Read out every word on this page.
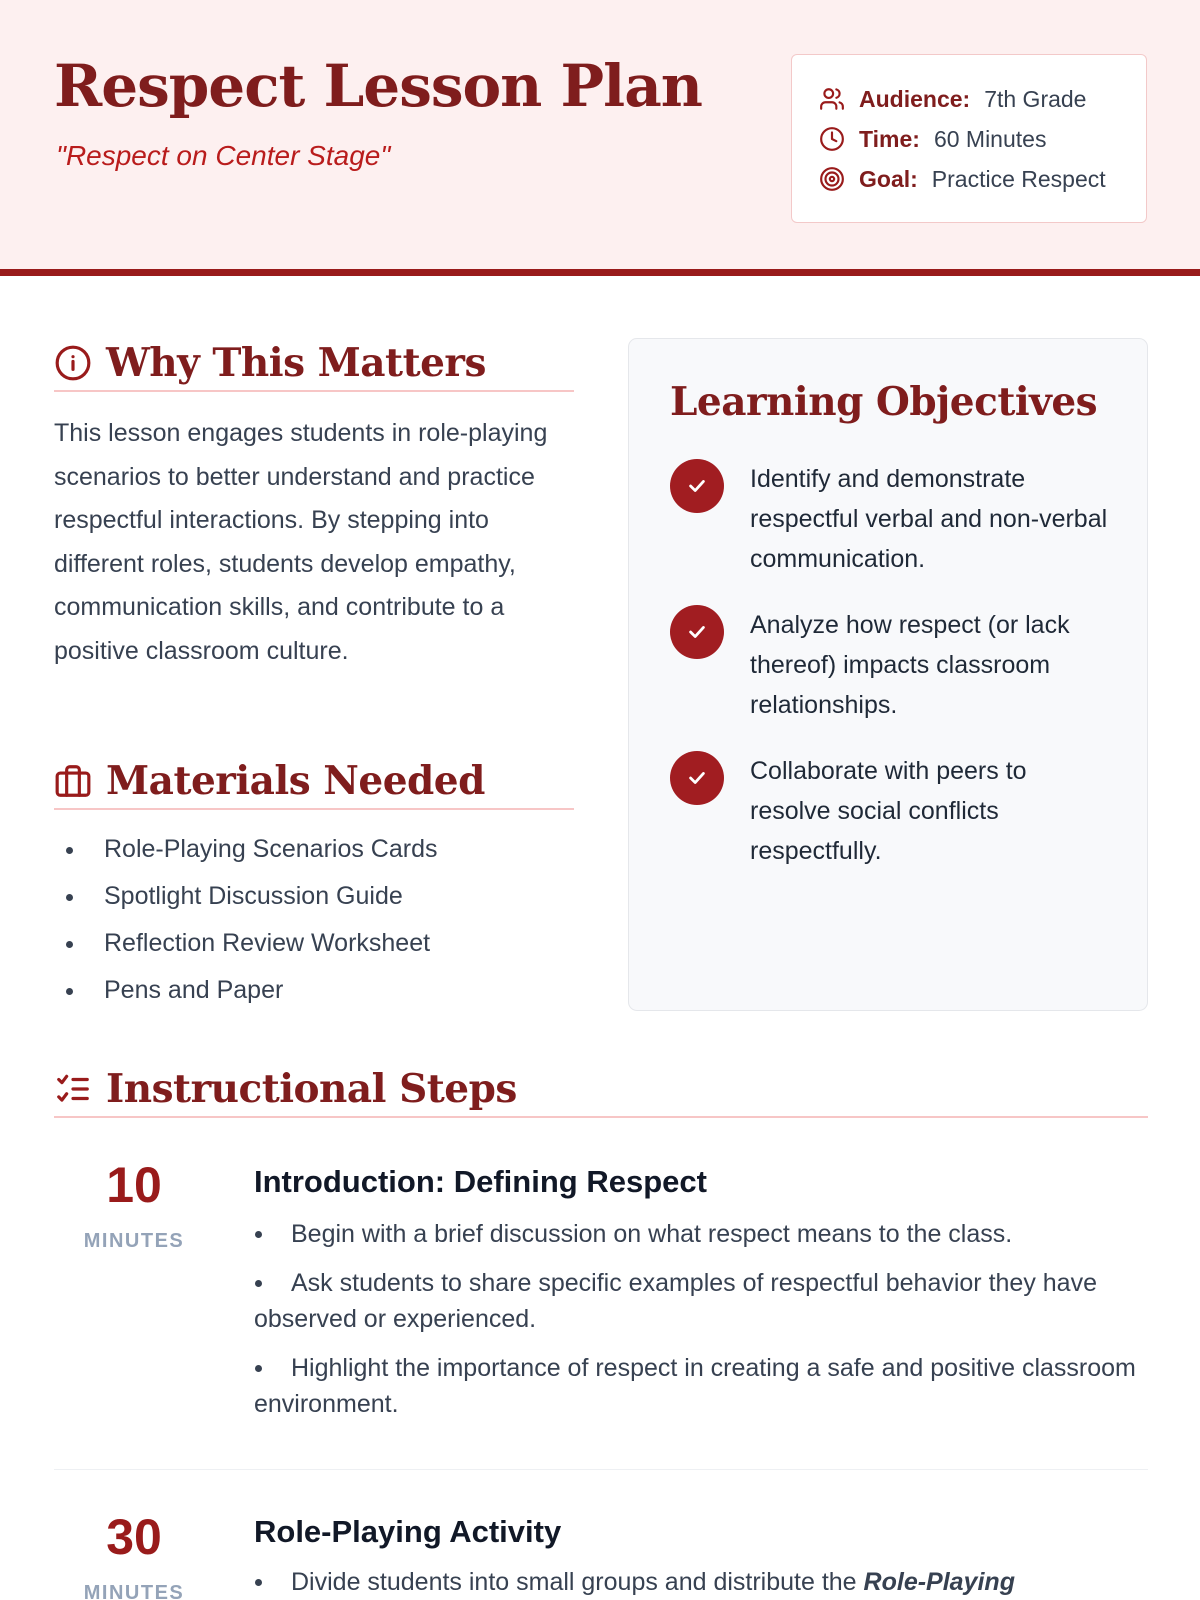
Respect Lesson Plan
"Respect on Center Stage"
Audience: 7th Grade
Time: 60 Minutes
Goal: Practice Respect
Why This Matters

This lesson engages students in role-playing scenarios to better understand and practice respectful interactions. By stepping into different roles, students develop empathy, communication skills, and contribute to a positive classroom culture.

Materials Needed
Role-Playing Scenarios Cards
Spotlight Discussion Guide
Reflection Review Worksheet
Pens and Paper
Learning Objectives
Identify and demonstrate respectful verbal and non-verbal communication.
Analyze how respect (or lack thereof) impacts classroom relationships.
Collaborate with peers to resolve social conflicts respectfully.
Instructional Steps
10
MINUTES
Introduction: Defining Respect
Begin with a brief discussion on what respect means to the class.
Ask students to share specific examples of respectful behavior they have observed or experienced.
Highlight the importance of respect in creating a safe and positive classroom environment.
30
MINUTES
Role-Playing Activity
Divide students into small groups and distribute the Role-Playing
